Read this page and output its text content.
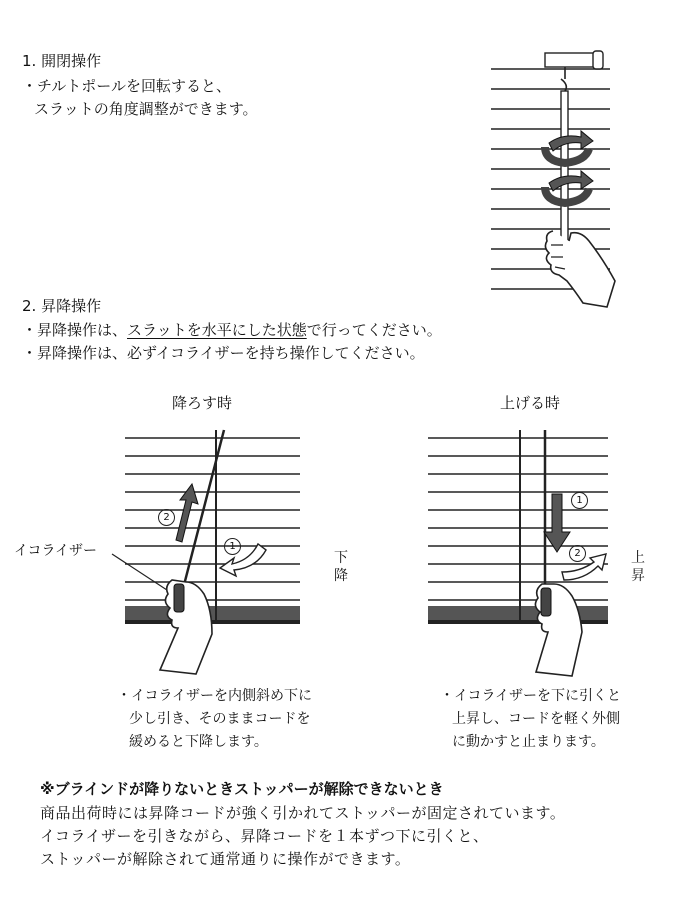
1. 開閉操作
・チルトポールを回転すると、
スラットの角度調整ができます。
2. 昇降操作
・昇降操作は、スラットを水平にした状態で行ってください。
・昇降操作は、必ずイコライザーを持ち操作してください。
降ろす時
イコライザー
2
1
下
降
・イコライザーを内側斜め下に
少し引き、そのままコードを
緩めると下降します。
上げる時
1
2	上
昇
・イコライザーを下に引くと
上昇し、コードを軽く外側
に動かすと止まります。
※ブラインドが降りないときストッパーが解除できないとき
商品出荷時には昇降コードが強く引かれてストッパーが固定されています。
イコライザーを引きながら、昇降コードを１本ずつ下に引くと、
ストッパーが解除されて通常通りに操作ができます。
